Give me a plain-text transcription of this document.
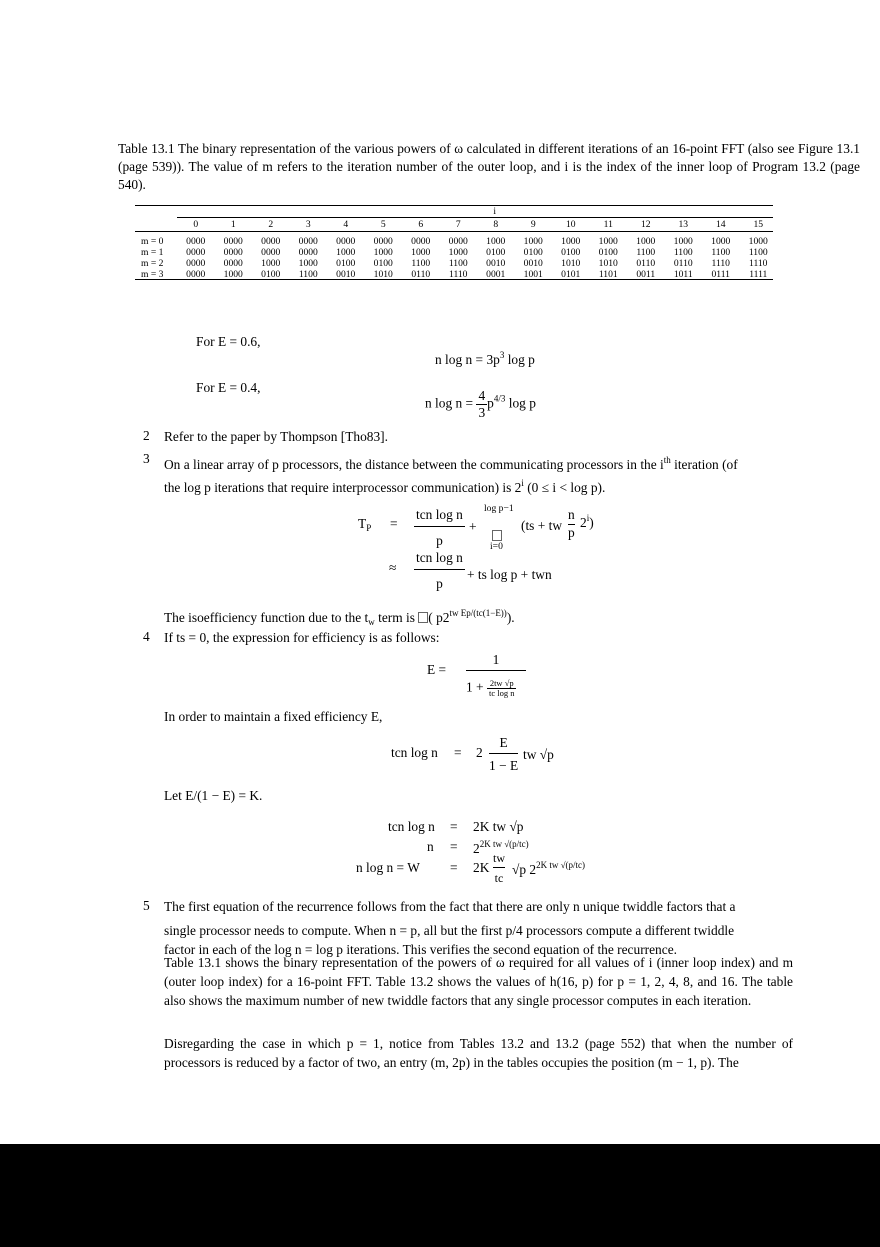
Table 13.1 The binary representation of the various powers of ω calculated in different iterations of an 16-point FFT (also see Figure 13.1 (page 539)). The value of m refers to the iteration number of the outer loop, and i is the index of the inner loop of Program 13.2 (page 540).
i
0	1	2	3	4	5	6	7	8	9	10	11	12	13	14	15
m = 0	0000	0000	0000	0000	0000	0000	0000	0000	1000	1000	1000	1000	1000	1000	1000	1000
m = 1	0000	0000	0000	0000	1000	1000	1000	1000	0100	0100	0100	0100	1100	1100	1100	1100
m = 2	0000	0000	1000	1000	0100	0100	1100	1100	0010	0010	1010	1010	0110	0110	1110	1110
m = 3	0000	1000	0100	1100	0010	1010	0110	1110	0001	1001	0101	1101	0011	1011	0111	1111
For E = 0.6,
n $\log n = 3p^3$ log p
For E = 0.4,
n $\log n = \frac{4}{3} p^{4/3}$ log p
2 Refer to the paper by Thompson [Tho83].
3 On a linear array of p processors, the distance between the communicating processors in the $i^{th}$ iteration (of
the log p iterations that require interprocessor communication) is 2$^i$ (0 ≤ i < log p).
$T_P$ =
tcn log n
p
+
log p−1
i=0
(ts + tw $\frac{n}{p} 2^i$)
≈
tcn log n
p
+ ts log p + twn
The isoefficiency function due to the $t_w$ term is ( $p2^{tw Ep/(tc(1-E))}$).
4 If ts = 0, the expression for efficiency is as follows:
E =
1
$1 + \frac{2tw √p}{\text{tc log n}}$
In order to maintain a fixed efficiency E,
tcn $\log n = 2 \frac{E}{1 - E}$ tw √p
Let E/(1 − E) = K.
tcn log n = 2K tw √p
$n = 2^{2K tw √(p/tc)}$
n $\log n = W = 2K \frac{tw}{tc} √p$ $2^{2K tw √(p/tc)}$
5 The first equation of the recurrence follows from the fact that there are only n unique twiddle factors that a
single processor needs to compute. When n = p, all but the first p/4 processors compute a different twiddle
factor in each of the log n = log p iterations. This verifies the second equation of the recurrence.
Table 13.1 shows the binary representation of the powers of ω required for all values of i (inner loop index) and m (outer loop index) for a 16-point FFT. Table 13.2 shows the values of h(16, p) for p = 1, 2, 4, 8, and 16. The table also shows the maximum number of new twiddle factors that any single processor computes in each iteration.
Disregarding the case in which p = 1, notice from Tables 13.2 and 13.2 (page 552) that when the number of processors is reduced by a factor of two, an entry (m, 2p) in the tables occupies the position (m − 1, p). The
